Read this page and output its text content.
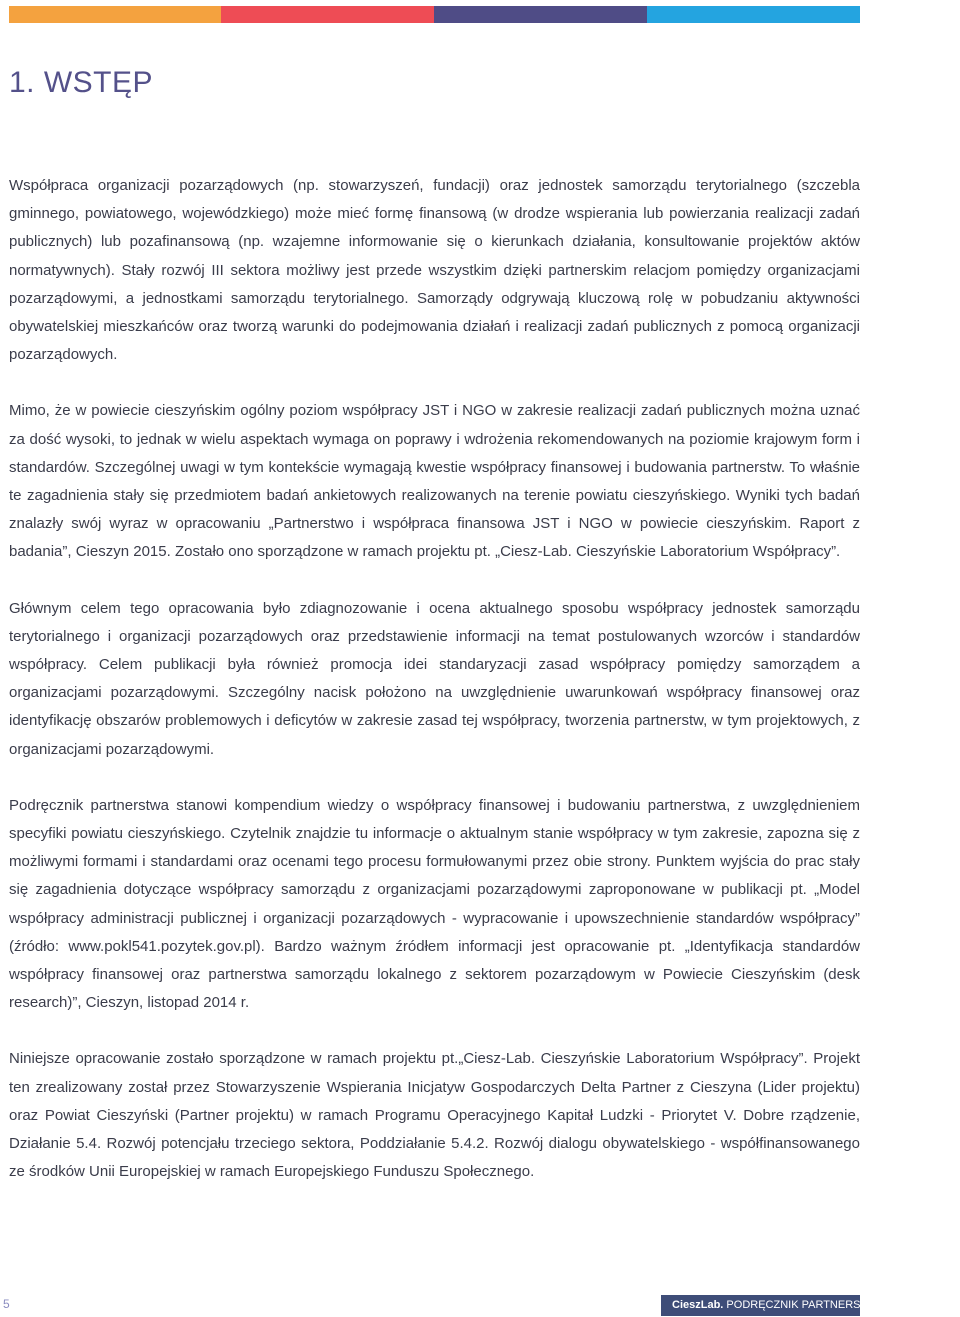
1. WSTĘP

Współpraca organizacji pozarządowych (np. stowarzyszeń, fundacji) oraz jednostek samorządu terytorialnego (szczebla gminnego, powiatowego, wojewódzkiego) może mieć formę finansową (w drodze wspierania lub powierzania realizacji zadań publicznych) lub pozafinansową (np. wzajemne informowanie się o kierunkach działania, konsultowanie projektów aktów normatywnych). Stały rozwój III sektora możliwy jest przede wszystkim dzięki partnerskim relacjom pomiędzy organizacjami pozarządowymi, a jednostkami samorządu terytorialnego. Samorządy odgrywają kluczową rolę w pobudzaniu aktywności obywatelskiej mieszkańców oraz tworzą warunki do podejmowania działań i realizacji zadań publicznych z pomocą organizacji pozarządowych.

Mimo, że w powiecie cieszyńskim ogólny poziom współpracy JST i NGO w zakresie realizacji zadań publicznych można uznać za dość wysoki, to jednak w wielu aspektach wymaga on poprawy i wdrożenia rekomendowanych na poziomie krajowym form i standardów. Szczególnej uwagi w tym kontekście wymagają kwestie współpracy finansowej i budowania partnerstw. To właśnie te zagadnienia stały się przedmiotem badań ankietowych realizowanych na terenie powiatu cieszyńskiego. Wyniki tych badań znalazły swój wyraz w opracowaniu „Partnerstwo i współpraca finansowa JST i NGO w powiecie cieszyńskim. Raport z badania”, Cieszyn 2015. Zostało ono sporządzone w ramach projektu pt. „Ciesz-Lab. Cieszyńskie Laboratorium Współpracy”.

Głównym celem tego opracowania było zdiagnozowanie i ocena aktualnego sposobu współpracy jednostek samorządu terytorialnego i organizacji pozarządowych oraz przedstawienie informacji na temat postulowanych wzorców i standardów współpracy. Celem publikacji była również promocja idei standaryzacji zasad współpracy pomiędzy samorządem a organizacjami pozarządowymi. Szczególny nacisk położono na uwzględnienie uwarunkowań współpracy finansowej oraz identyfikację obszarów problemowych i deficytów w zakresie zasad tej współpracy, tworzenia partnerstw, w tym projektowych, z organizacjami pozarządowymi.

Podręcznik partnerstwa stanowi kompendium wiedzy o współpracy finansowej i budowaniu partnerstwa, z uwzględnieniem specyfiki powiatu cieszyńskiego. Czytelnik znajdzie tu informacje o aktualnym stanie współpracy w tym zakresie, zapozna się z możliwymi formami i standardami oraz ocenami tego procesu formułowanymi przez obie strony. Punktem wyjścia do prac stały się zagadnienia dotyczące współpracy samorządu z organizacjami pozarządowymi zaproponowane w publikacji pt. „Model współpracy administracji publicznej i organizacji pozarządowych - wypracowanie i upowszechnienie standardów współpracy” (źródło: www.pokl541.pozytek.gov.pl). Bardzo ważnym źródłem informacji jest opracowanie pt. „Identyfikacja standardów współpracy finansowej oraz partnerstwa samorządu lokalnego z sektorem pozarządowym w Powiecie Cieszyńskim (desk research)”, Cieszyn, listopad 2014 r.

Niniejsze opracowanie zostało sporządzone w ramach projektu pt.„Ciesz-Lab. Cieszyńskie Laboratorium Współpracy”. Projekt ten zrealizowany został przez Stowarzyszenie Wspierania Inicjatyw Gospodarczych Delta Partner z Cieszyna (Lider projektu) oraz Powiat Cieszyński (Partner projektu) w ramach Programu Operacyjnego Kapitał Ludzki - Priorytet V. Dobre rządzenie, Działanie 5.4. Rozwój potencjału trzeciego sektora, Poddziałanie 5.4.2. Rozwój dialogu obywatelskiego - współfinansowanego ze środków Unii Europejskiej w ramach Europejskiego Funduszu Społecznego.

5	CieszLab. PODRĘCZNIK PARTNERSTWA
